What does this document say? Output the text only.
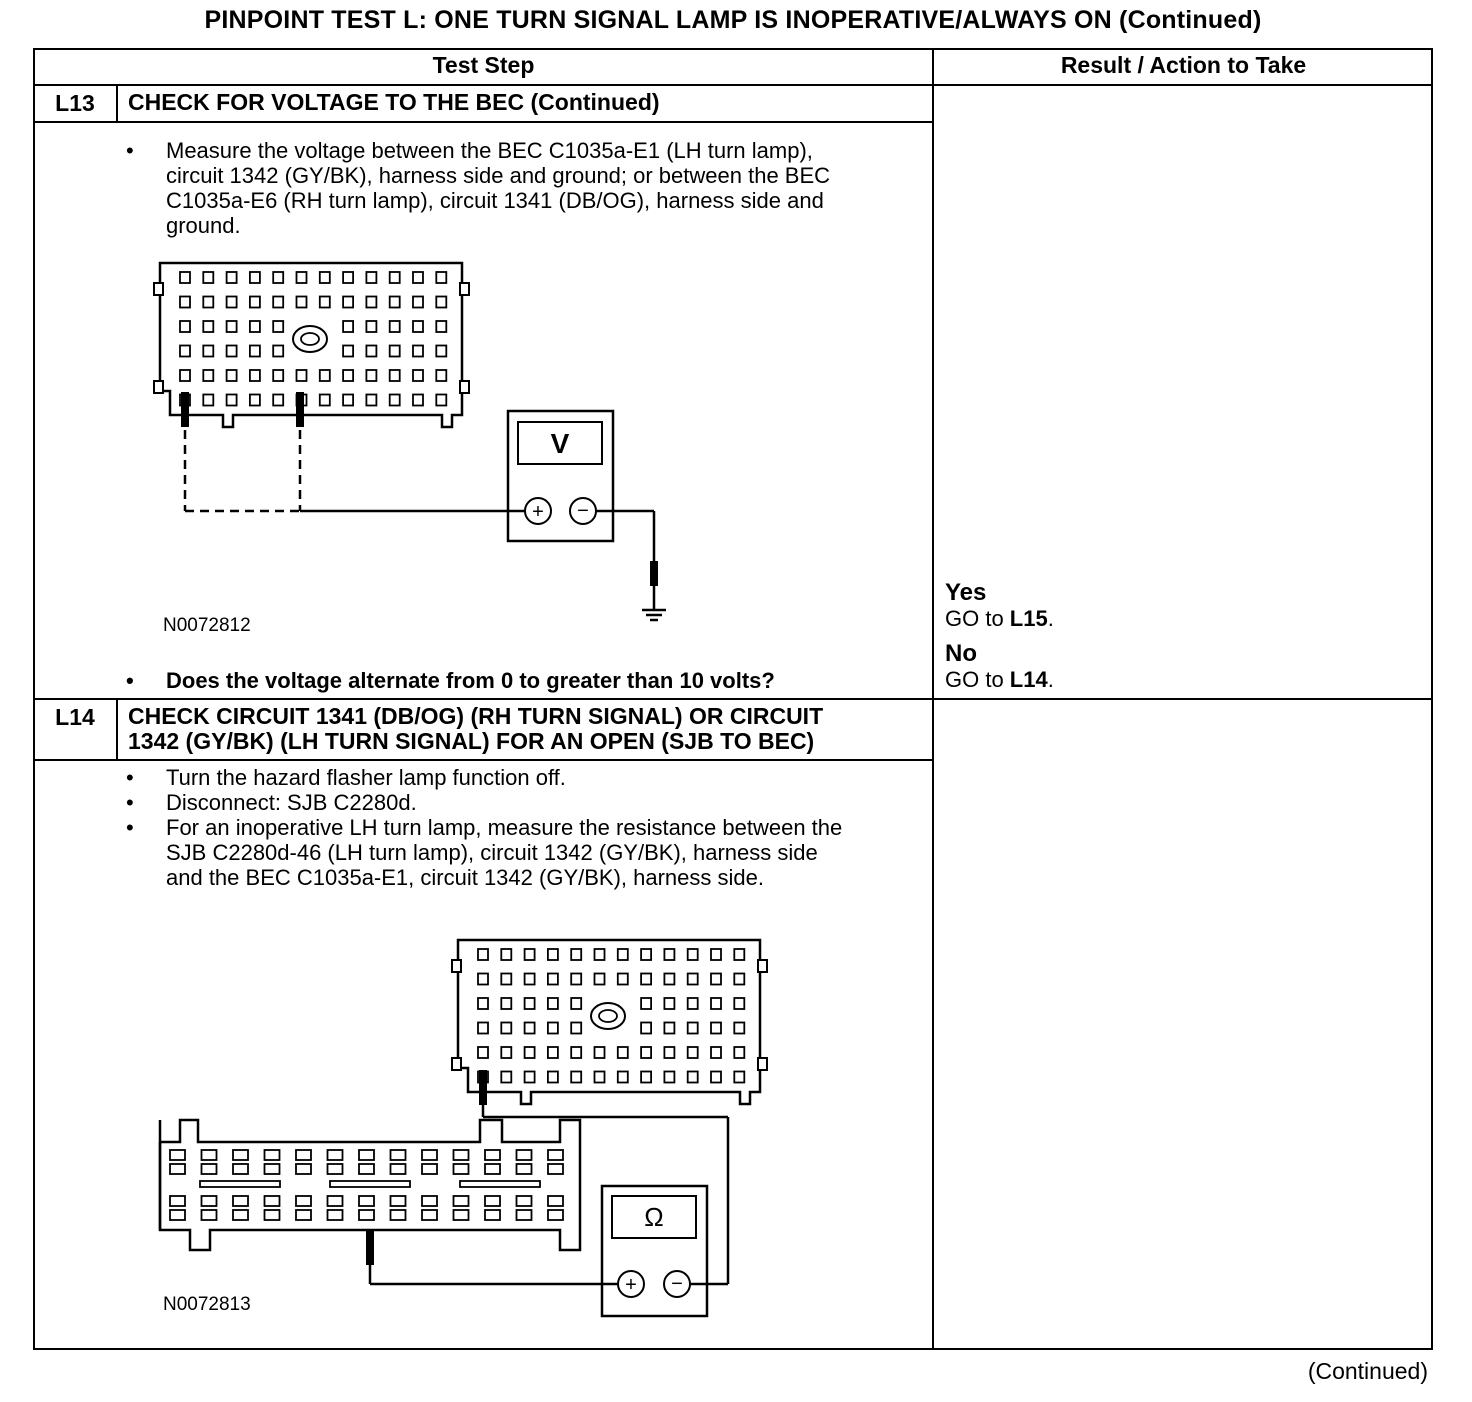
PINPOINT TEST L: ONE TURN SIGNAL LAMP IS INOPERATIVE/ALWAYS ON (Continued)
Test Step	Result / Action to Take
L13	CHECK FOR VOLTAGE TO THE BEC (Continued)
• Measure the voltage between the BEC C1035a-E1 (LH turn lamp), circuit 1342 (GY/BK), harness side and ground; or between the BEC C1035a-E6 (RH turn lamp), circuit 1341 (DB/OG), harness side and ground.
V
+ −
N0072812
• Does the voltage alternate from 0 to greater than 10 volts?
Yes
GO to L15.
No
GO to L14.
L14	CHECK CIRCUIT 1341 (DB/OG) (RH TURN SIGNAL) OR CIRCUIT
1342 (GY/BK) (LH TURN SIGNAL) FOR AN OPEN (SJB TO BEC)
• Turn the hazard flasher lamp function off.
• Disconnect: SJB C2280d.
• For an inoperative LH turn lamp, measure the resistance between the SJB C2280d-46 (LH turn lamp), circuit 1342 (GY/BK), harness side and the BEC C1035a-E1, circuit 1342 (GY/BK), harness side.
Ω
+ −
N0072813
(Continued)
